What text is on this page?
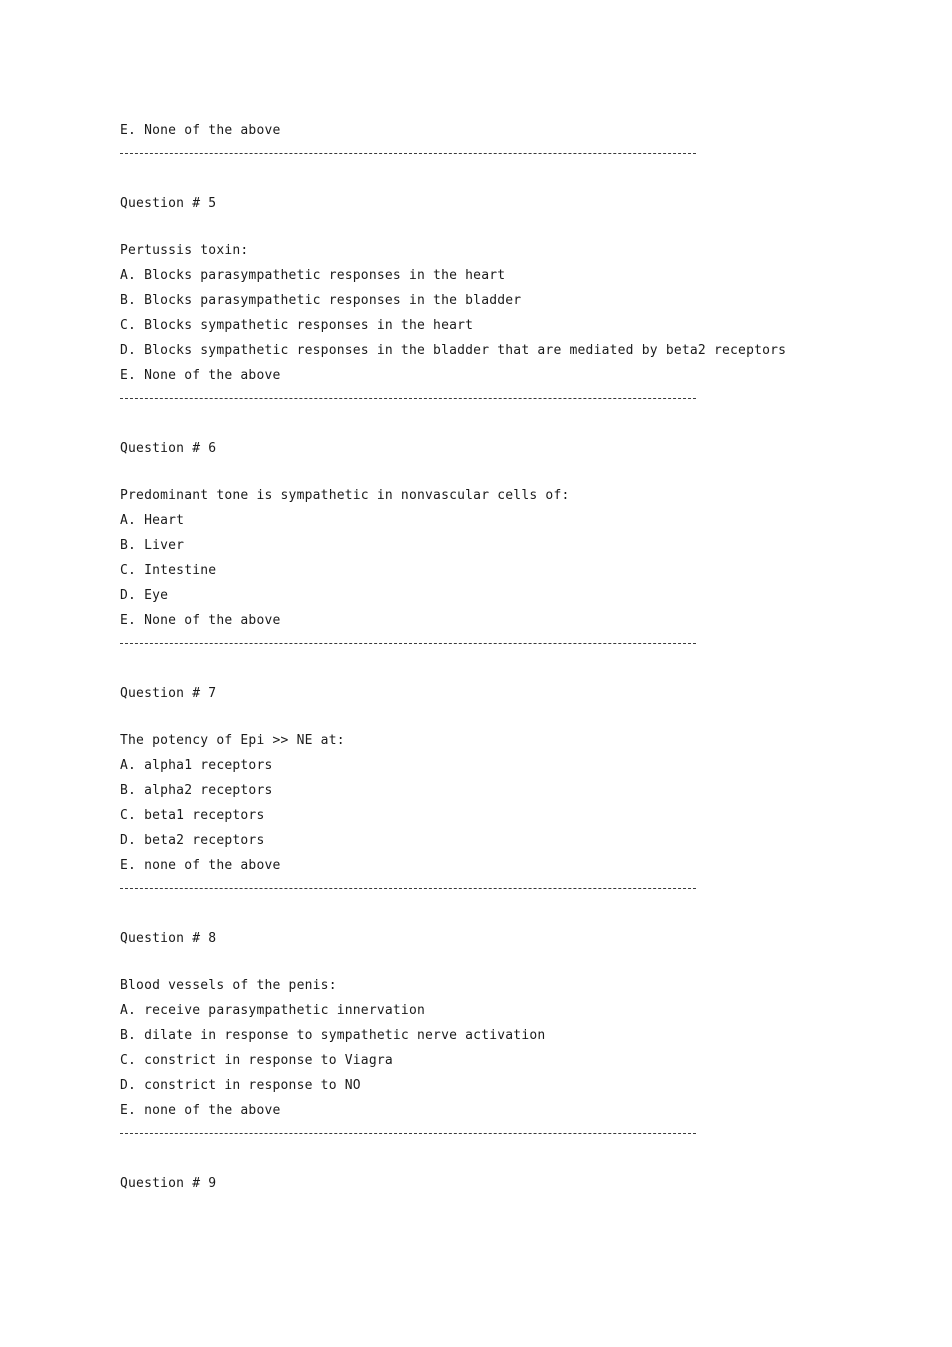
E. None of the above
Question # 5
Pertussis toxin:
A. Blocks parasympathetic responses in the heart
B. Blocks parasympathetic responses in the bladder
C. Blocks sympathetic responses in the heart
D. Blocks sympathetic responses in the bladder that are mediated by beta2 receptors
E. None of the above
Question # 6
Predominant tone is sympathetic in nonvascular cells of:
A. Heart
B. Liver
C. Intestine
D. Eye
E. None of the above
Question # 7
The potency of Epi >> NE at:
A. alpha1 receptors
B. alpha2 receptors
C. beta1 receptors
D. beta2 receptors
E. none of the above
Question # 8
Blood vessels of the penis:
A. receive parasympathetic innervation
B. dilate in response to sympathetic nerve activation
C. constrict in response to Viagra
D. constrict in response to NO
E. none of the above
Question # 9
